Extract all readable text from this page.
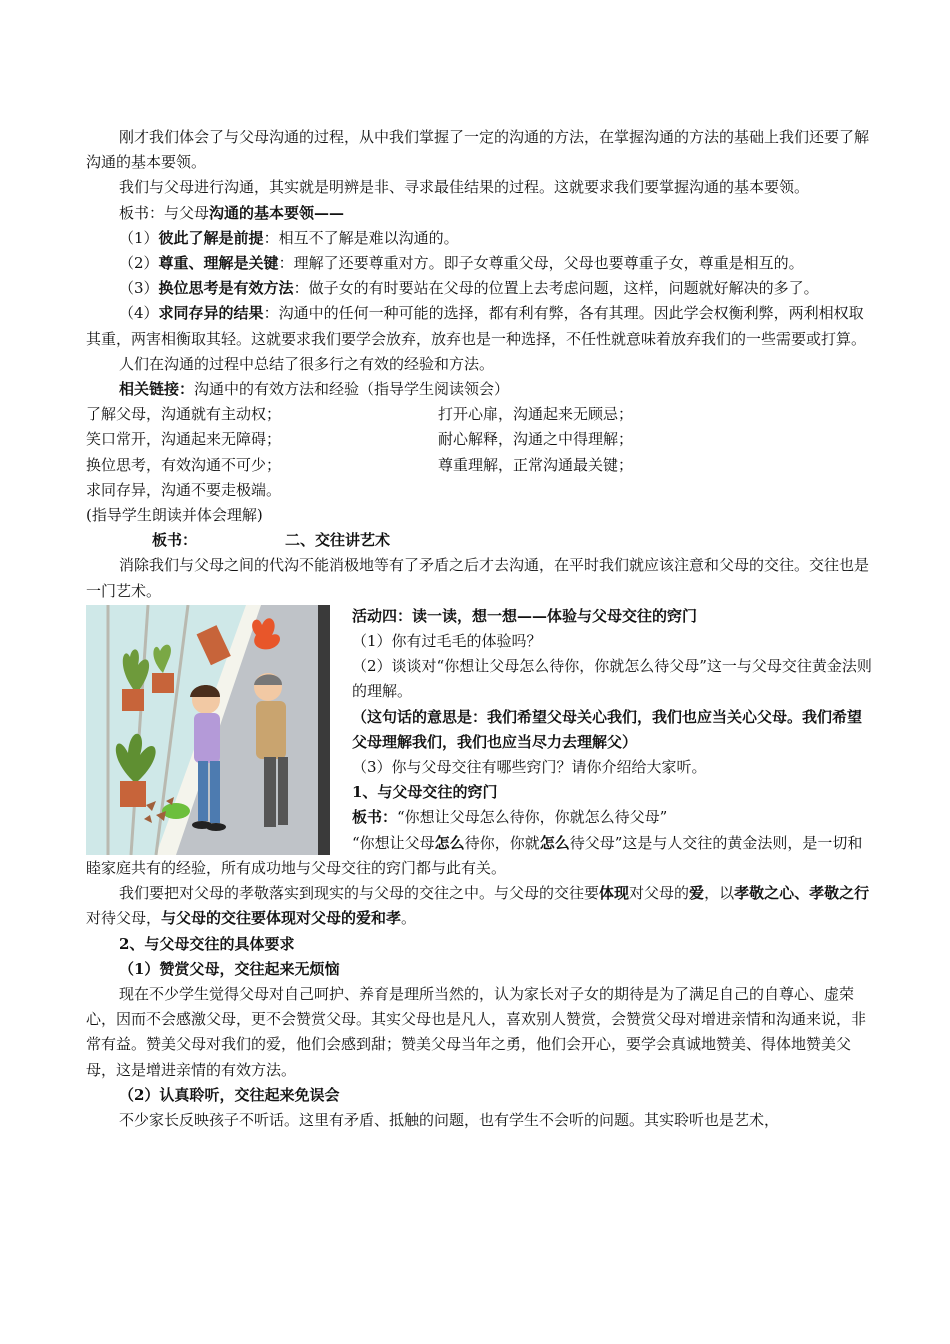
刚才我们体会了与父母沟通的过程，从中我们掌握了一定的沟通的方法，在掌握沟通的方法的基础上我们还要了解沟通的基本要领。

我们与父母进行沟通，其实就是明辨是非、寻求最佳结果的过程。这就要求我们要掌握沟通的基本要领。

板书：与父母沟通的基本要领——

（1）彼此了解是前提：相互不了解是难以沟通的。

（2）尊重、理解是关键：理解了还要尊重对方。即子女尊重父母，父母也要尊重子女，尊重是相互的。

（3）换位思考是有效方法：做子女的有时要站在父母的位置上去考虑问题，这样，问题就好解决的多了。

（4）求同存异的结果：沟通中的任何一种可能的选择，都有利有弊，各有其理。因此学会权衡利弊，两利相权取其重，两害相衡取其轻。这就要求我们要学会放弃，放弃也是一种选择，不任性就意味着放弃我们的一些需要或打算。

人们在沟通的过程中总结了很多行之有效的经验和方法。

相关链接：沟通中的有效方法和经验（指导学生阅读领会）

了解父母，沟通就有主动权；	打开心扉，沟通起来无顾忌；

笑口常开，沟通起来无障碍；	耐心解释，沟通之中得理解；

换位思考，有效沟通不可少；	尊重理解，正常沟通最关键；

求同存异，沟通不要走极端。

(指导学生朗读并体会理解)

板书：	二、交往讲艺术

消除我们与父母之间的代沟不能消极地等有了矛盾之后才去沟通，在平时我们就应该注意和父母的交往。交往也是一门艺术。

活动四：读一读，想一想——体验与父母交往的窍门

（1）你有过毛毛的体验吗？

（2）谈谈对“你想让父母怎么待你，你就怎么待父母”这一与父母交往黄金法则的理解。

（这句话的意思是：我们希望父母关心我们，我们也应当关心父母。我们希望父母理解我们，我们也应当尽力去理解父）

（3）你与父母交往有哪些窍门？请你介绍给大家听。

1、与父母交往的窍门

板书：“你想让父母怎么待你，你就怎么待父母”

“你想让父母怎么待你，你就怎么待父母”这是与人交往的黄金法则，是一切和睦家庭共有的经验，所有成功地与父母交往的窍门都与此有关。

我们要把对父母的孝敬落实到现实的与父母的交往之中。与父母的交往要体现对父母的爱，以孝敬之心、孝敬之行对待父母，与父母的交往要体现对父母的爱和孝。

2、与父母交往的具体要求

（1）赞赏父母，交往起来无烦恼

现在不少学生觉得父母对自己呵护、养育是理所当然的，认为家长对子女的期待是为了满足自己的自尊心、虚荣心，因而不会感激父母，更不会赞赏父母。其实父母也是凡人，喜欢别人赞赏，会赞赏父母对增进亲情和沟通来说，非常有益。赞美父母对我们的爱，他们会感到甜；赞美父母当年之勇，他们会开心，要学会真诚地赞美、得体地赞美父母，这是增进亲情的有效方法。

（2）认真聆听，交往起来免误会

不少家长反映孩子不听话。这里有矛盾、抵触的问题，也有学生不会听的问题。其实聆听也是艺术，
